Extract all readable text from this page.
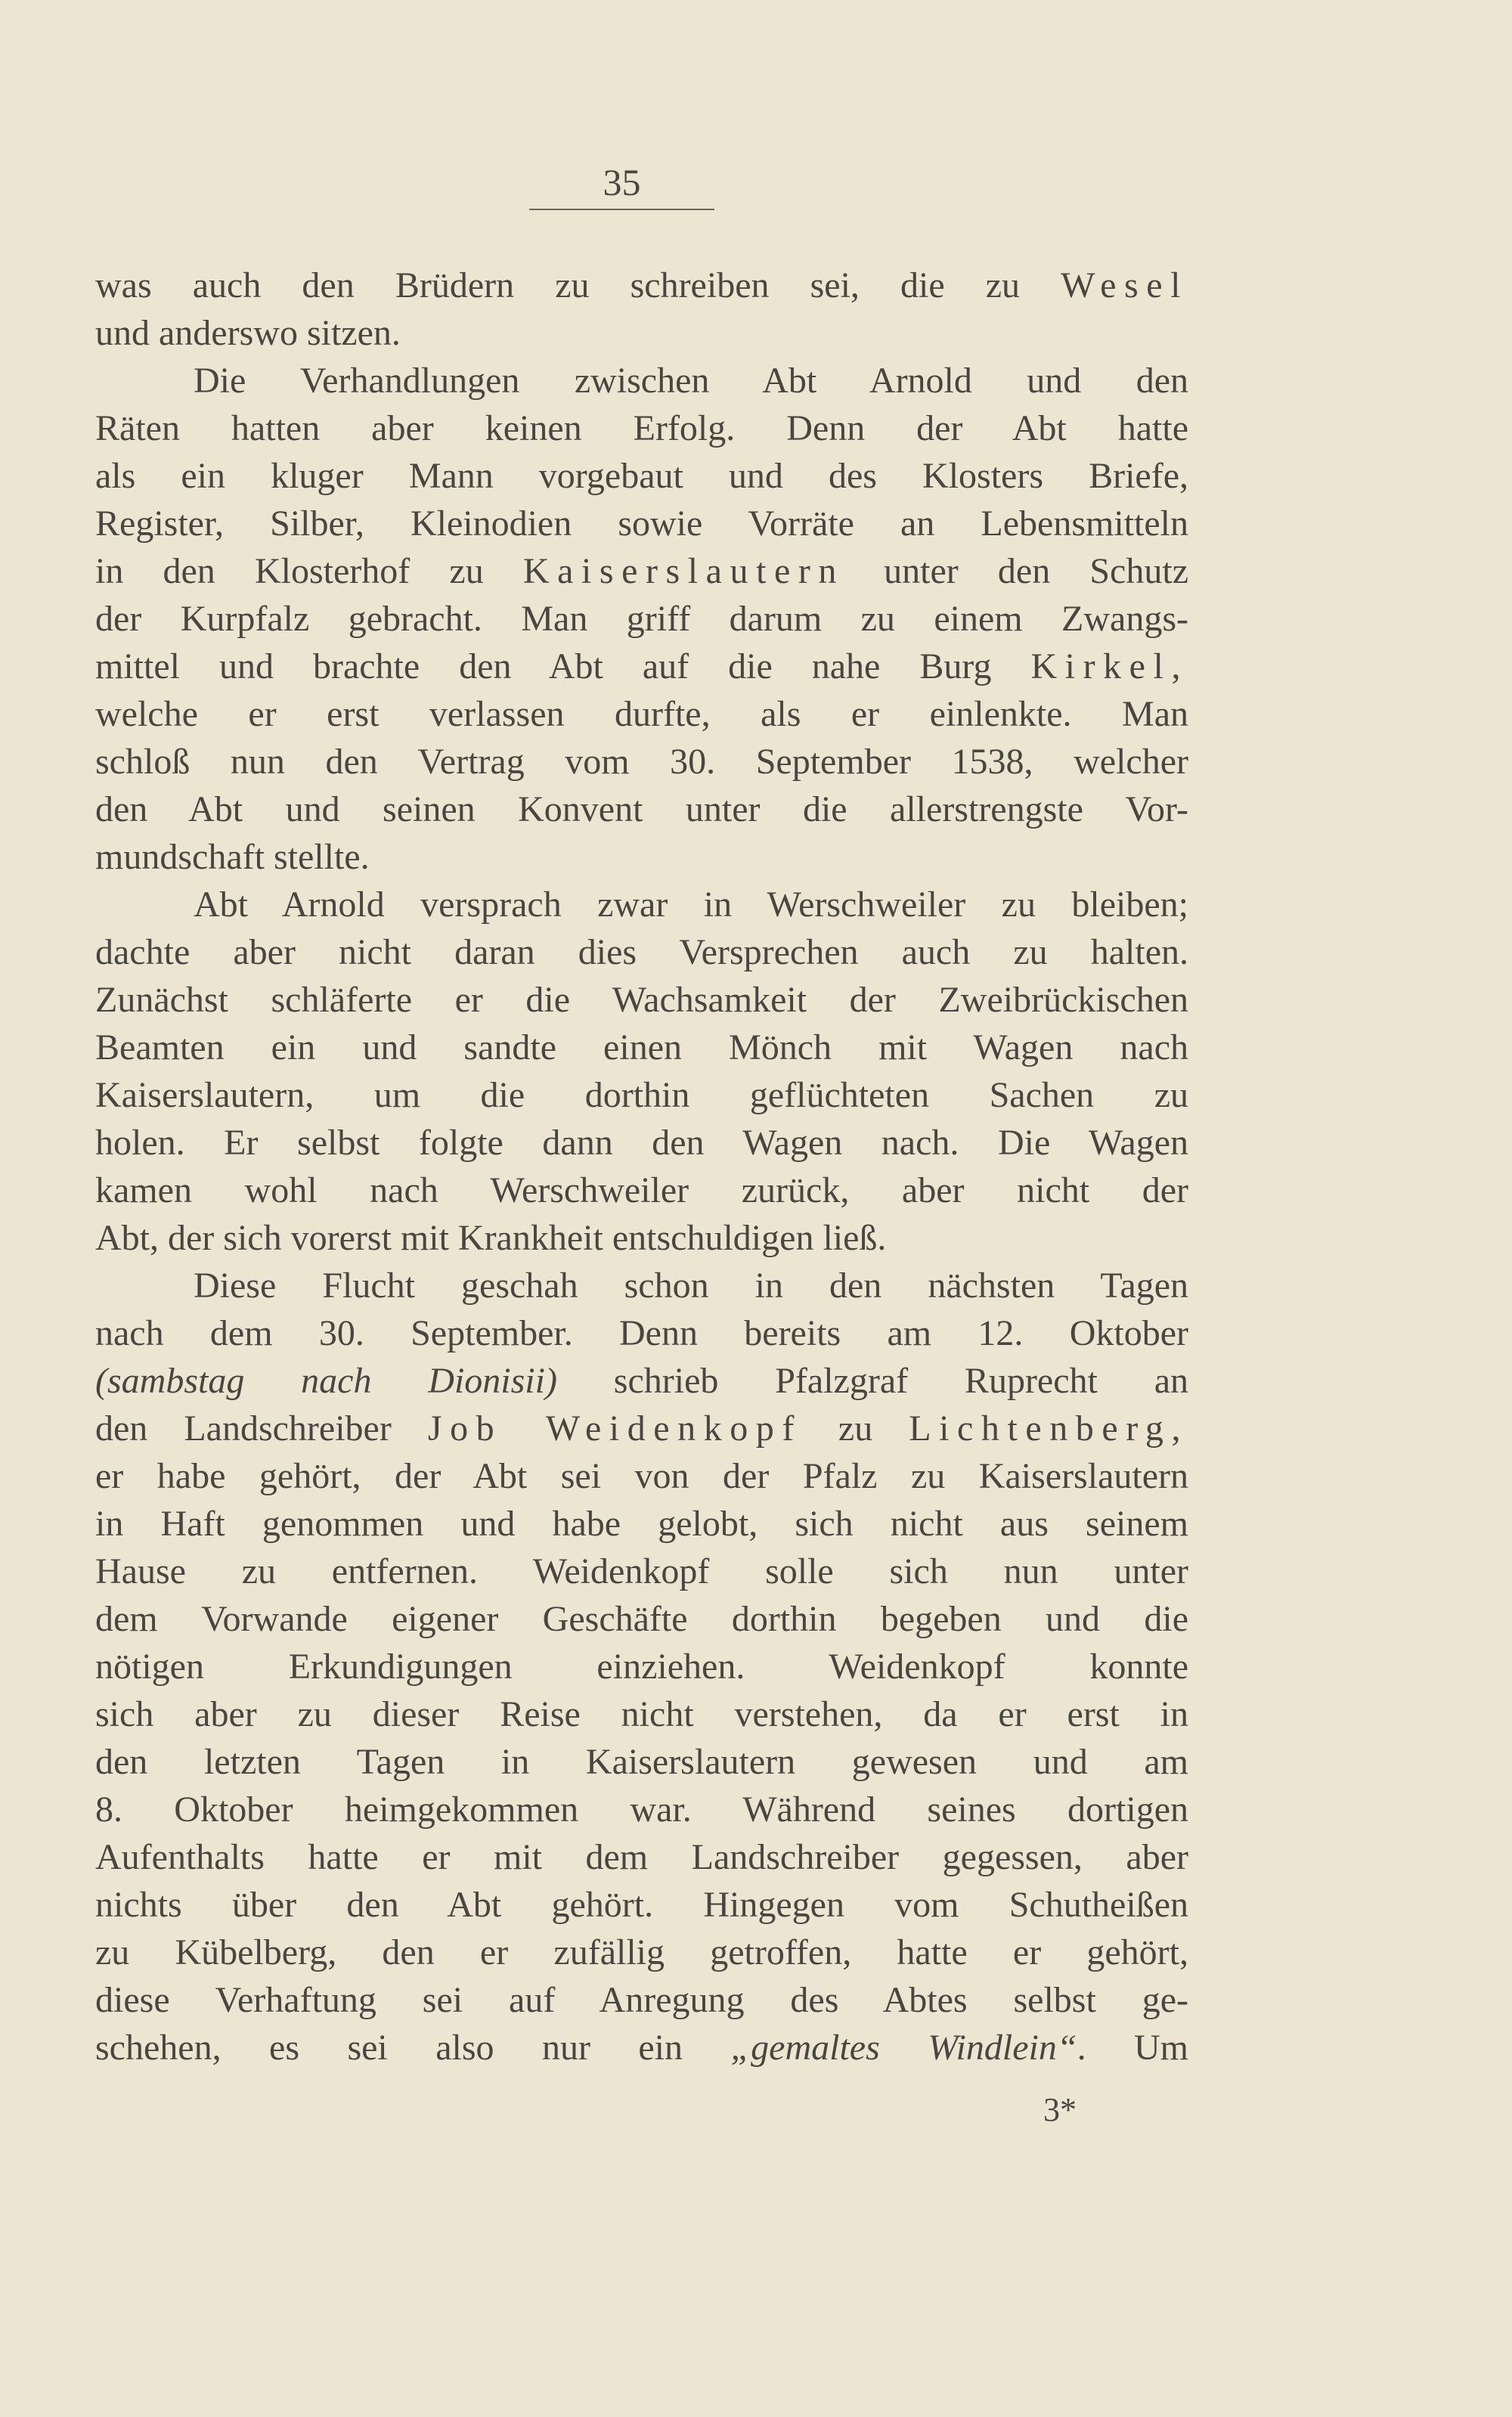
35
was auch den Brüdern zu schreiben sei, die zu Wesel
und anderswo sitzen.
Die Verhandlungen zwischen Abt Arnold und den
Räten hatten aber keinen Erfolg. Denn der Abt hatte
als ein kluger Mann vorgebaut und des Klosters Briefe,
Register, Silber, Kleinodien sowie Vorräte an Lebensmitteln
in den Klosterhof zu Kaiserslautern unter den Schutz
der Kurpfalz gebracht. Man griff darum zu einem Zwangs-
mittel und brachte den Abt auf die nahe Burg Kirkel,
welche er erst verlassen durfte, als er einlenkte. Man
schloß nun den Vertrag vom 30. September 1538, welcher
den Abt und seinen Konvent unter die allerstrengste Vor-
mundschaft stellte.
Abt Arnold versprach zwar in Werschweiler zu bleiben;
dachte aber nicht daran dies Versprechen auch zu halten.
Zunächst schläferte er die Wachsamkeit der Zweibrückischen
Beamten ein und sandte einen Mönch mit Wagen nach
Kaiserslautern, um die dorthin geflüchteten Sachen zu
holen. Er selbst folgte dann den Wagen nach. Die Wagen
kamen wohl nach Werschweiler zurück, aber nicht der
Abt, der sich vorerst mit Krankheit entschuldigen ließ.
Diese Flucht geschah schon in den nächsten Tagen
nach dem 30. September. Denn bereits am 12. Oktober
(sambstag nach Dionisii) schrieb Pfalzgraf Ruprecht an
den Landschreiber Job Weidenkopf zu Lichtenberg,
er habe gehört, der Abt sei von der Pfalz zu Kaiserslautern
in Haft genommen und habe gelobt, sich nicht aus seinem
Hause zu entfernen. Weidenkopf solle sich nun unter
dem Vorwande eigener Geschäfte dorthin begeben und die
nötigen Erkundigungen einziehen. Weidenkopf konnte
sich aber zu dieser Reise nicht verstehen, da er erst in
den letzten Tagen in Kaiserslautern gewesen und am
8. Oktober heimgekommen war. Während seines dortigen
Aufenthalts hatte er mit dem Landschreiber gegessen, aber
nichts über den Abt gehört. Hingegen vom Schutheißen
zu Kübelberg, den er zufällig getroffen, hatte er gehört,
diese Verhaftung sei auf Anregung des Abtes selbst ge-
schehen, es sei also nur ein „gemaltes Windlein“. Um
3*
